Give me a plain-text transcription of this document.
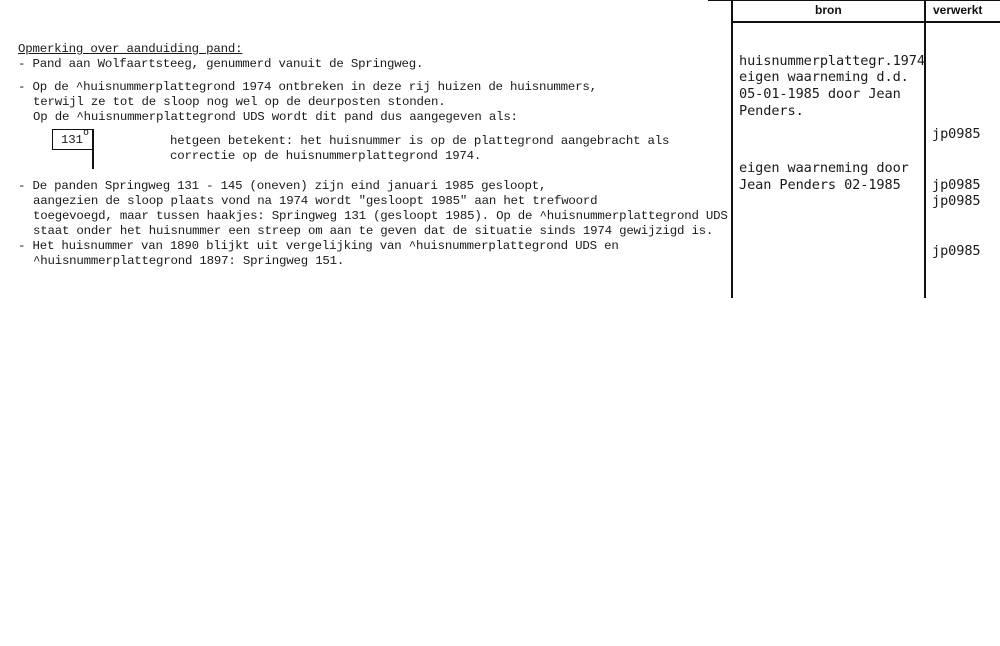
bron	verwerkt
Opmerking over aanduiding pand:
- Pand aan Wolfaartsteeg, genummerd vanuit de Springweg.
- Op de ^huisnummerplattegrond 1974 ontbreken in deze rij huizen de huisnummers,
terwijl ze tot de sloop nog wel op de deurposten stonden.
Op de ^huisnummerplattegrond UDS wordt dit pand dus aangegeven als:
131
o
hetgeen betekent: het huisnummer is op de plattegrond aangebracht als
correctie op de huisnummerplattegrond 1974.
- De panden Springweg 131 - 145 (oneven) zijn eind januari 1985 gesloopt,
aangezien de sloop plaats vond na 1974 wordt "gesloopt 1985" aan het trefwoord
toegevoegd, maar tussen haakjes: Springweg 131 (gesloopt 1985). Op de ^huisnummerplattegrond UDS
staat onder het huisnummer een streep om aan te geven dat de situatie sinds 1974 gewijzigd is.
- Het huisnummer van 1890 blijkt uit vergelijking van ^huisnummerplattegrond UDS en
^huisnummerplattegrond 1897: Springweg 151.
huisnummerplattegr.1974
eigen waarneming d.d.
05-01-1985 door Jean
Penders.
eigen waarneming door
Jean Penders 02-1985
jp0985
jp0985
jp0985
jp0985
